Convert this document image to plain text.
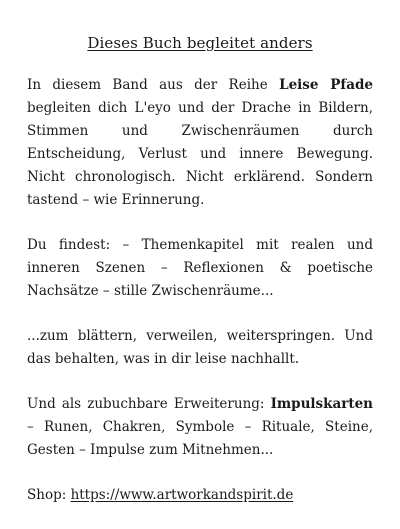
Dieses Buch begleitet anders

In diesem Band aus der Reihe Leise Pfade begleiten dich L'eyo und der Drache in Bildern, Stimmen und Zwischenräumen durch Entscheidung, Verlust und innere Bewegung. Nicht chronologisch. Nicht erklärend. Sondern tastend – wie Erinnerung.

Du findest: – Themenkapitel mit realen und inneren Szenen – Reflexionen & poetische Nachsätze – stille Zwischenräume...

...zum blättern, verweilen, weiterspringen. Und das behalten, was in dir leise nachhallt.

Und als zubuchbare Erweiterung: Impulskarten – Runen, Chakren, Symbole – Rituale, Steine, Gesten – Impulse zum Mitnehmen...

Shop: https://www.artworkandspirit.de
